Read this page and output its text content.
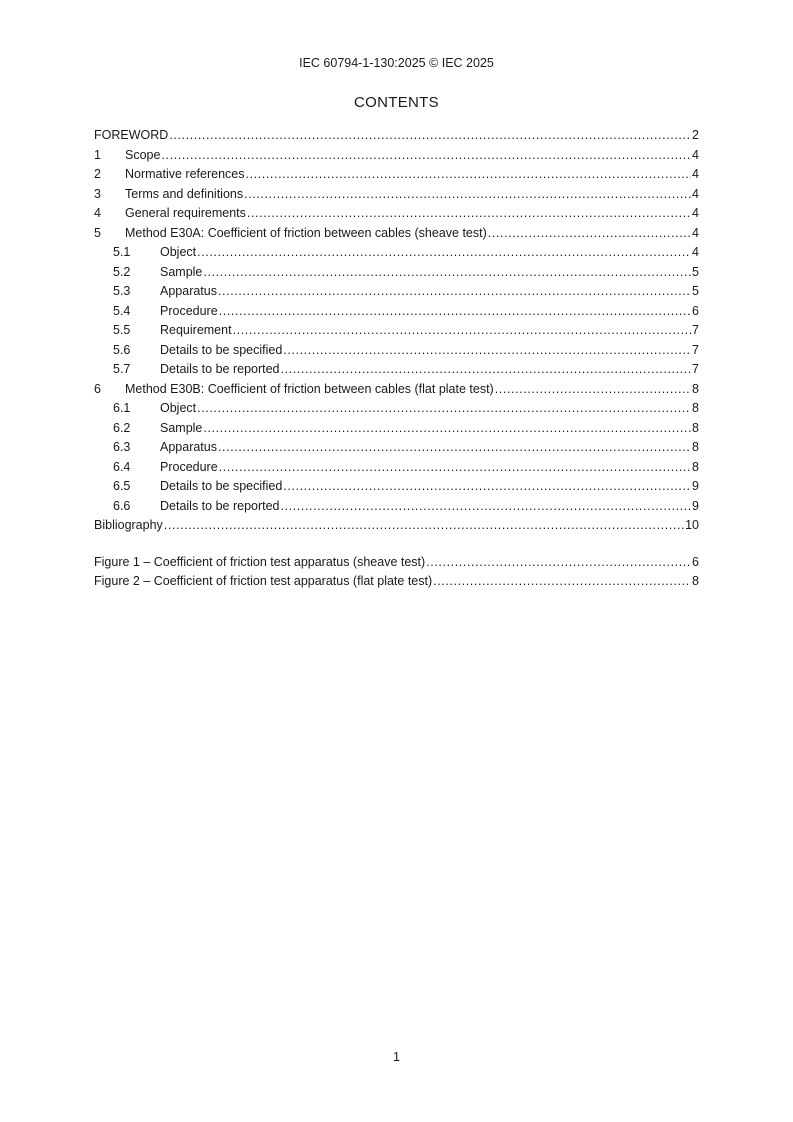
IEC 60794-1-130:2025 © IEC 2025
CONTENTS
FOREWORD .....	2
1	Scope .....	4
2	Normative references .....	4
3	Terms and definitions .....	4
4	General requirements .....	4
5	Method E30A: Coefficient of friction between cables (sheave test) .....	4
5.1	Object .....	4
5.2	Sample .....	5
5.3	Apparatus .....	5
5.4	Procedure .....	6
5.5	Requirement .....	7
5.6	Details to be specified .....	7
5.7	Details to be reported .....	7
6	Method E30B: Coefficient of friction between cables (flat plate test) .....	8
6.1	Object .....	8
6.2	Sample .....	8
6.3	Apparatus .....	8
6.4	Procedure .....	8
6.5	Details to be specified .....	9
6.6	Details to be reported .....	9
Bibliography .....	10
Figure 1 – Coefficient of friction test apparatus (sheave test) .....	6
Figure 2 – Coefficient of friction test apparatus (flat plate test) .....	8
1
